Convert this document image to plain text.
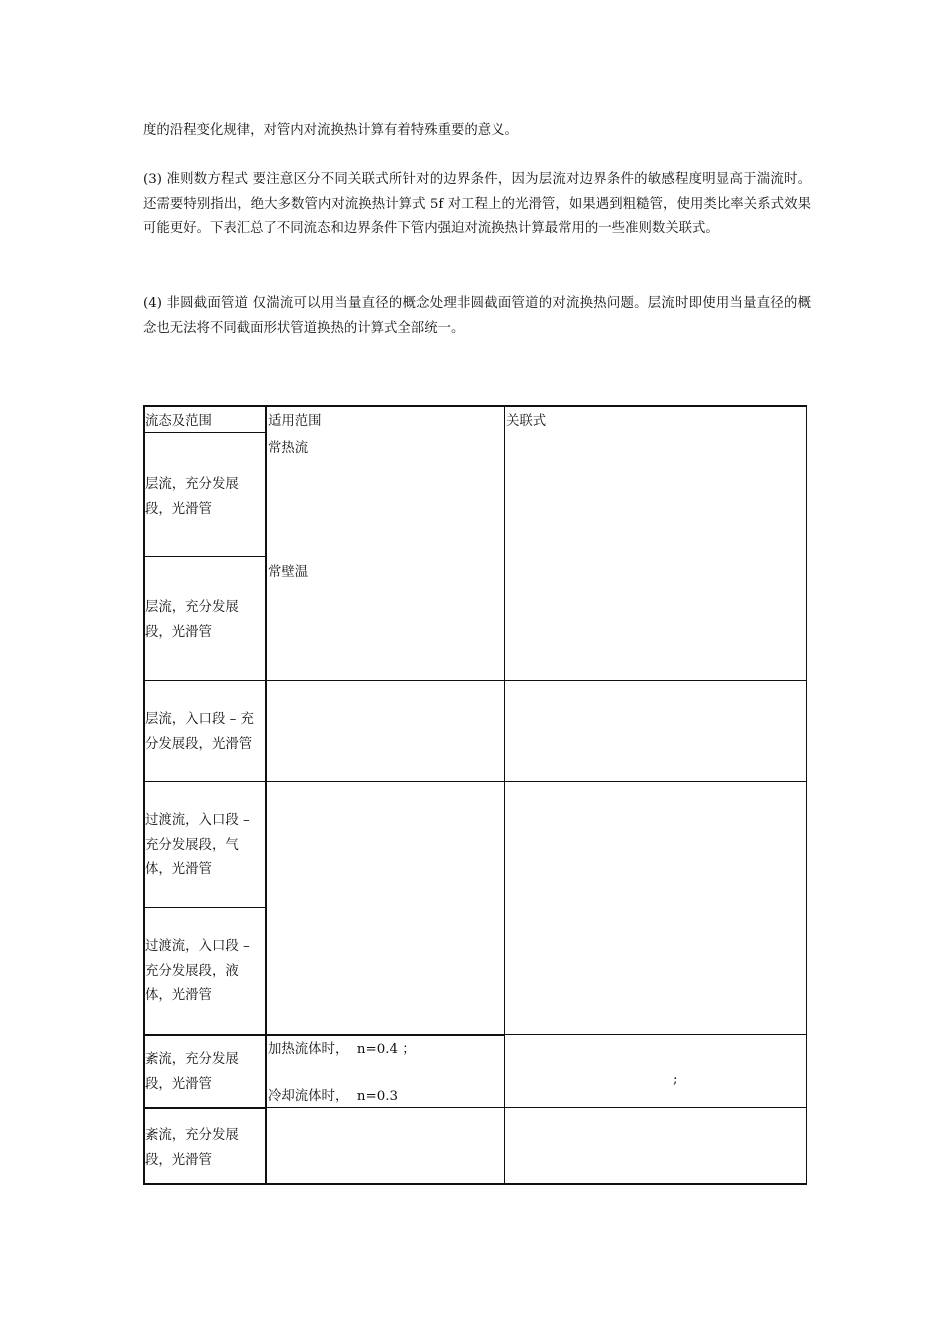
度的沿程变化规律，对管内对流换热计算有着特殊重要的意义。

(3) 准则数方程式 要注意区分不同关联式所针对的边界条件，因为层流对边界条件的敏感程度明显高于湍流时。还需要特别指出，绝大多数管内对流换热计算式 5f 对工程上的光滑管，如果遇到粗糙管，使用类比率关系式效果可能更好。下表汇总了不同流态和边界条件下管内强迫对流换热计算最常用的一些准则数关联式。

(4) 非圆截面管道 仅湍流可以用当量直径的概念处理非圆截面管道的对流换热问题。层流时即使用当量直径的概念也无法将不同截面形状管道换热的计算式全部统一。

流态及范围	适用范围	关联式
层流，充分发展段，光滑管
常热流
层流，充分发展段，光滑管
常壁温
层流，入口段 – 充分发展段，光滑管
过渡流，入口段 – 充分发展段，气体，光滑管
过渡流，入口段 – 充分发展段，液体，光滑管
紊流，充分发展段，光滑管
加热流体时，  n=0.4 ；
冷却流体时，  n=0.3
;
紊流，充分发展段，光滑管
